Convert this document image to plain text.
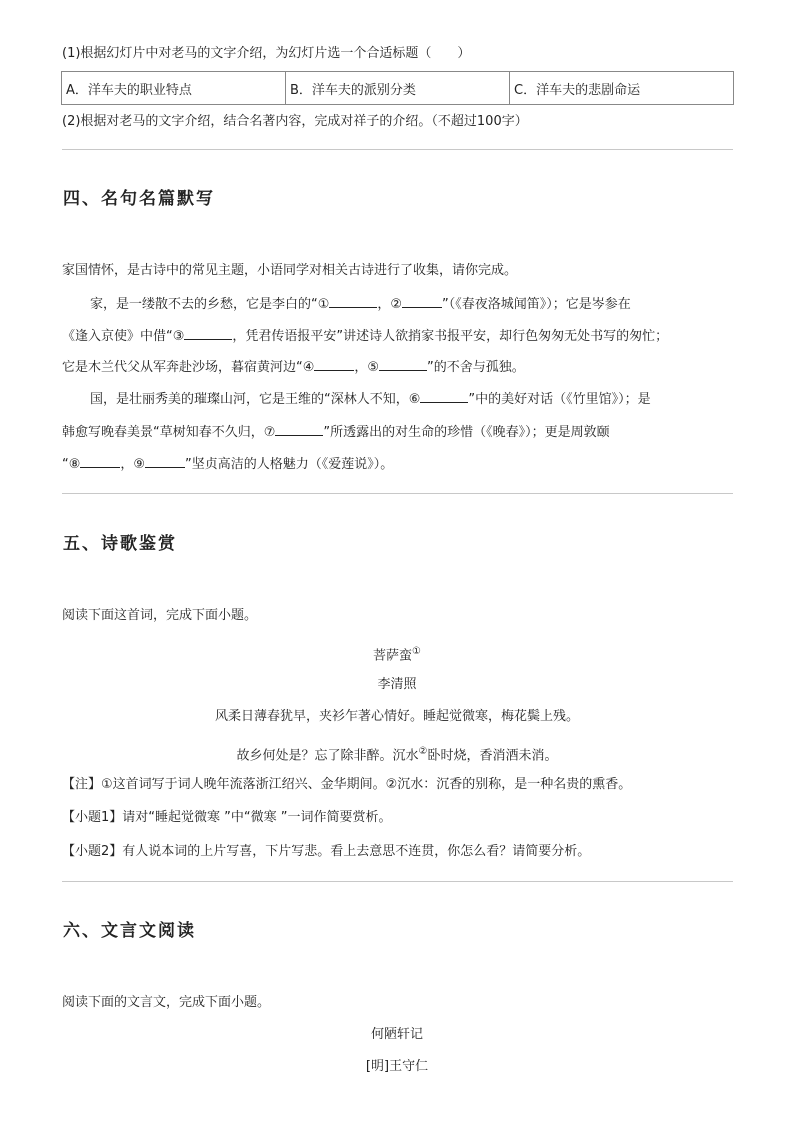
(1)根据幻灯片中对老马的文字介绍，为幻灯片选一个合适标题（　　）
A．洋车夫的职业特点	B．洋车夫的派别分类	C．洋车夫的悲剧命运
(2)根据对老马的文字介绍，结合名著内容，完成对祥子的介绍。（不超过100字）
四、名句名篇默写
家国情怀，是古诗中的常见主题，小语同学对相关古诗进行了收集，请你完成。
家，是一缕散不去的乡愁，它是李白的“①	，②	”（《春夜洛城闻笛》）；它是岑参在
《逢入京使》中借“③	，凭君传语报平安”讲述诗人欲捎家书报平安，却行色匆匆无处书写的匆忙；
它是木兰代父从军奔赴沙场，暮宿黄河边“④	，⑤	”的不舍与孤独。
国，是壮丽秀美的璀璨山河，它是王维的“深林人不知，⑥	”中的美好对话（《竹里馆》）；是
韩愈写晚春美景“草树知春不久归，⑦	”所透露出的对生命的珍惜（《晚春》）；更是周敦颐
“⑧	，⑨	”坚贞高洁的人格魅力（《爱莲说》）。
五、诗歌鉴赏
阅读下面这首词，完成下面小题。
菩萨蛮①
李清照
风柔日薄春犹早，夹衫乍著心情好。睡起觉微寒，梅花鬓上残。
故乡何处是？忘了除非醉。沉水②卧时烧，香消酒未消。
【注】①这首词写于词人晚年流落浙江绍兴、金华期间。②沉水：沉香的别称，是一种名贵的熏香。
【小题1】请对“睡起觉微寒 ”中“微寒 ”一词作简要赏析。
【小题2】有人说本词的上片写喜，下片写悲。看上去意思不连贯，你怎么看？请简要分析。
六、文言文阅读
阅读下面的文言文，完成下面小题。
何陋轩记
[明]王守仁
